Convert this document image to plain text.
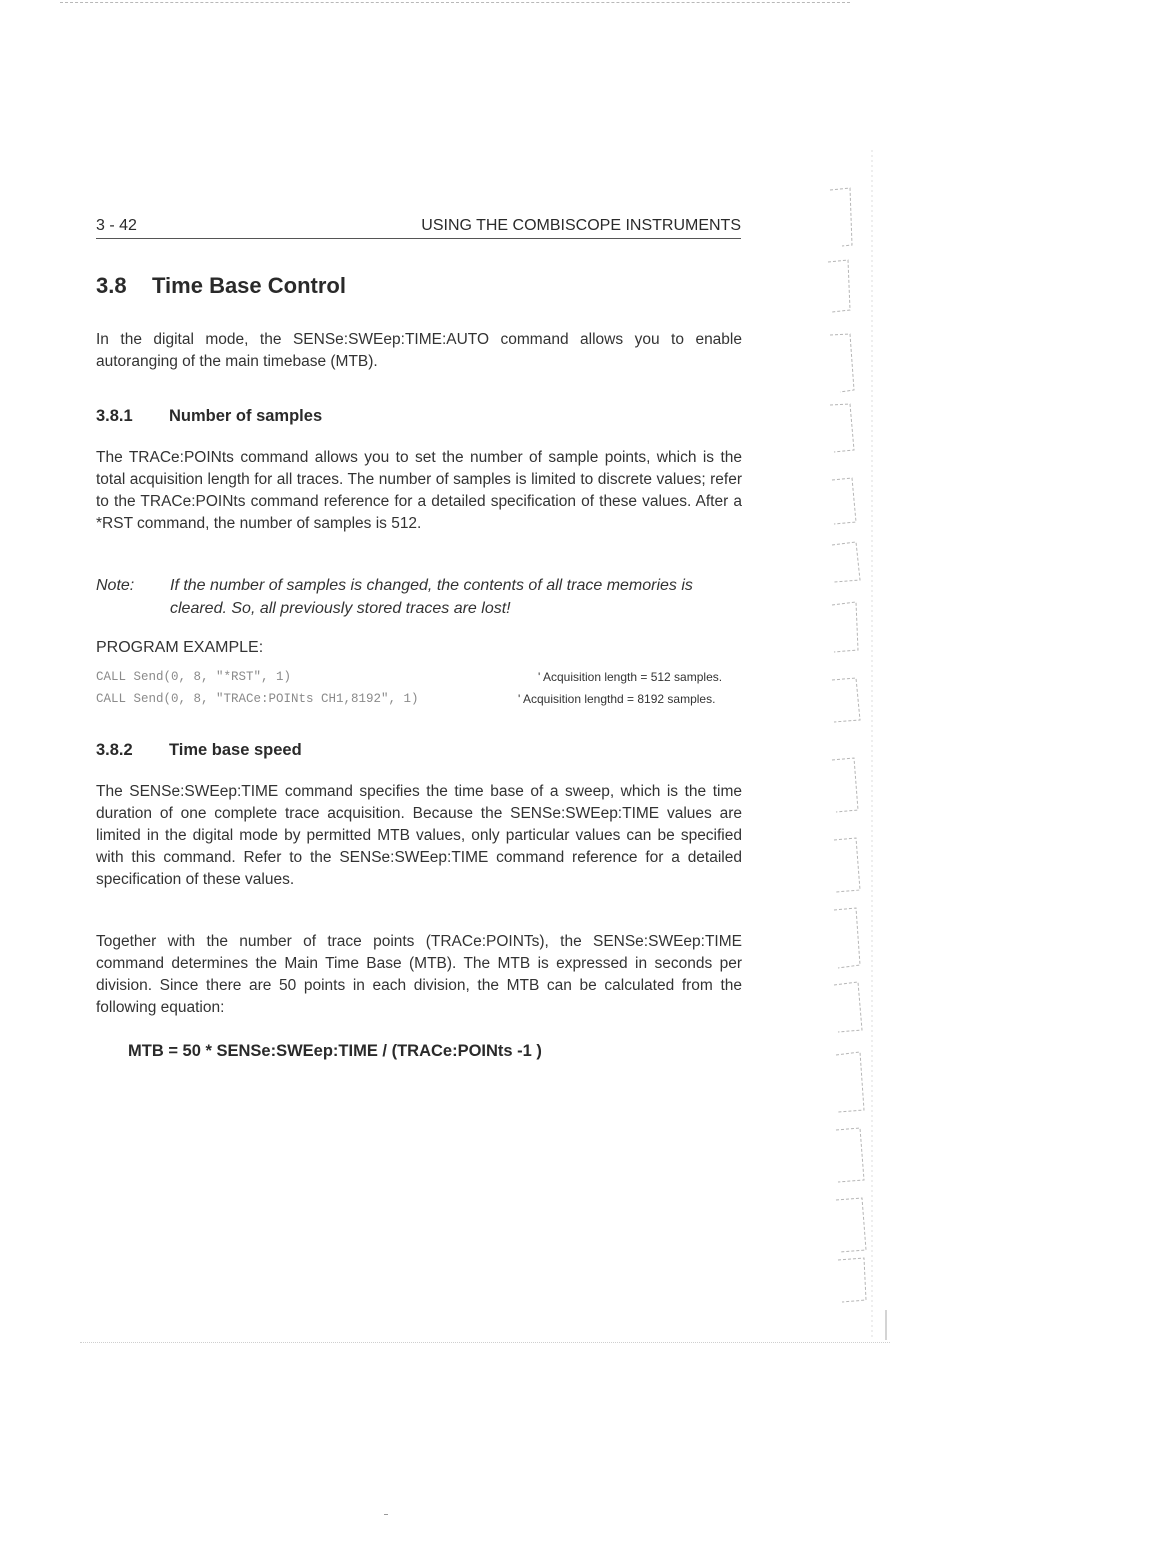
3 - 42	USING THE COMBISCOPE INSTRUMENTS
3.8 Time Base Control

In the digital mode, the SENSe:SWEep:TIME:AUTO command allows you to enable autoranging of the main timebase (MTB).

3.8.1 Number of samples

The TRACe:POINts command allows you to set the number of sample points, which is the total acquisition length for all traces. The number of samples is limited to discrete values; refer to the TRACe:POINts command reference for a detailed specification of these values. After a *RST command, the number of samples is 512.

Note: If the number of samples is changed, the contents of all trace memories is cleared. So, all previously stored traces are lost!
PROGRAM EXAMPLE:
CALL Send(0, 8, "*RST", 1)	' Acquisition length = 512 samples.
CALL Send(0, 8, "TRACe:POINts CH1,8192", 1)	' Acquisition lengthd = 8192 samples.
3.8.2 Time base speed

The SENSe:SWEep:TIME command specifies the time base of a sweep, which is the time duration of one complete trace acquisition. Because the SENSe:SWEep:TIME values are limited in the digital mode by permitted MTB values, only particular values can be specified with this command. Refer to the SENSe:SWEep:TIME command reference for a detailed specification of these values.

Together with the number of trace points (TRACe:POINTs), the SENSe:SWEep:TIME command determines the Main Time Base (MTB). The MTB is expressed in seconds per division. Since there are 50 points in each division, the MTB can be calculated from the following equation:

MTB = 50 * SENSe:SWEep:TIME / (TRACe:POINts -1 )
